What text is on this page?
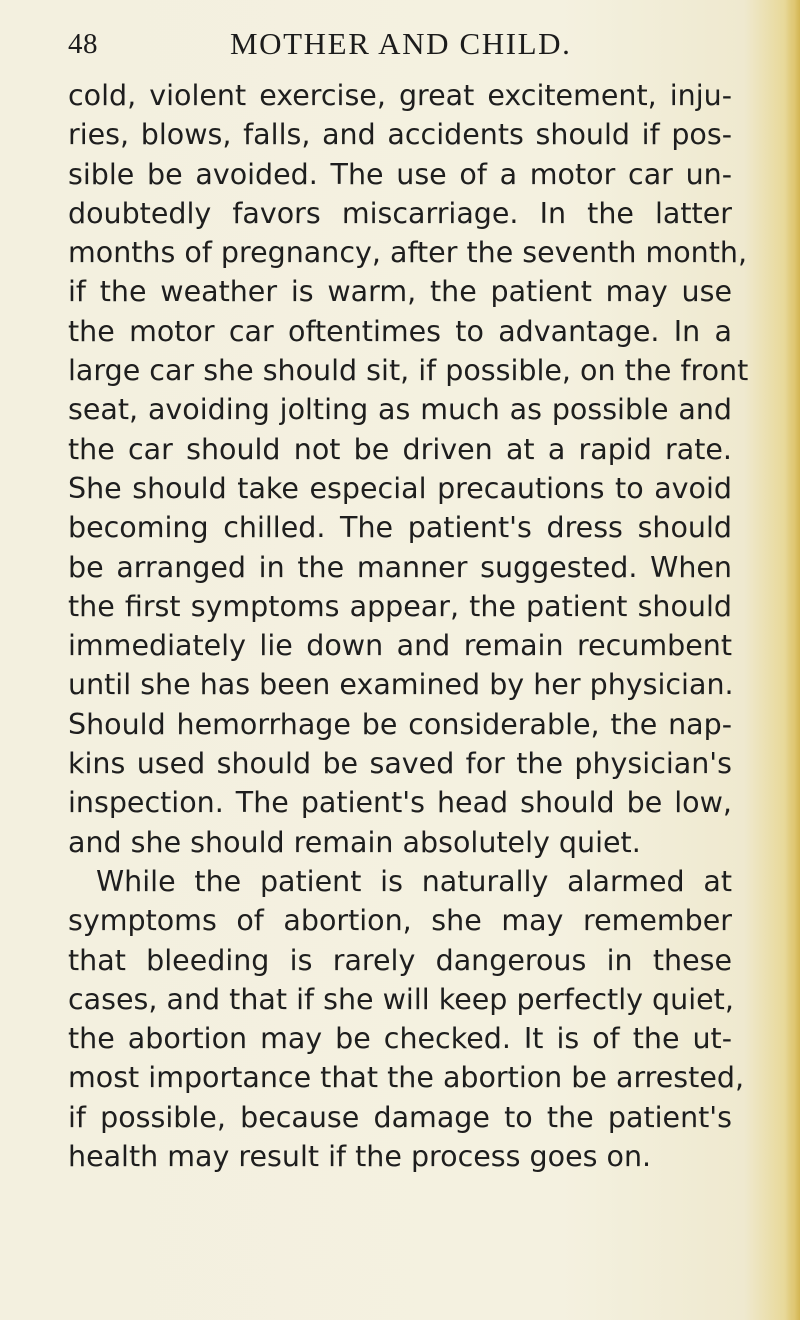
48	MOTHER AND CHILD.
cold, violent exercise, great excitement, inju-
ries, blows, falls, and accidents should if pos-
sible be avoided. The use of a motor car un-
doubtedly favors miscarriage. In the latter
months of pregnancy, after the seventh month,
if the weather is warm, the patient may use
the motor car oftentimes to advantage. In a
large car she should sit, if possible, on the front
seat, avoiding jolting as much as possible and
the car should not be driven at a rapid rate.
She should take especial precautions to avoid
becoming chilled. The patient's dress should
be arranged in the manner suggested. When
the first symptoms appear, the patient should
immediately lie down and remain recumbent
until she has been examined by her physician.
Should hemorrhage be considerable, the nap-
kins used should be saved for the physician's
inspection. The patient's head should be low,
and she should remain absolutely quiet.
While the patient is naturally alarmed at
symptoms of abortion, she may remember
that bleeding is rarely dangerous in these
cases, and that if she will keep perfectly quiet,
the abortion may be checked. It is of the ut-
most importance that the abortion be arrested,
if possible, because damage to the patient's
health may result if the process goes on.
